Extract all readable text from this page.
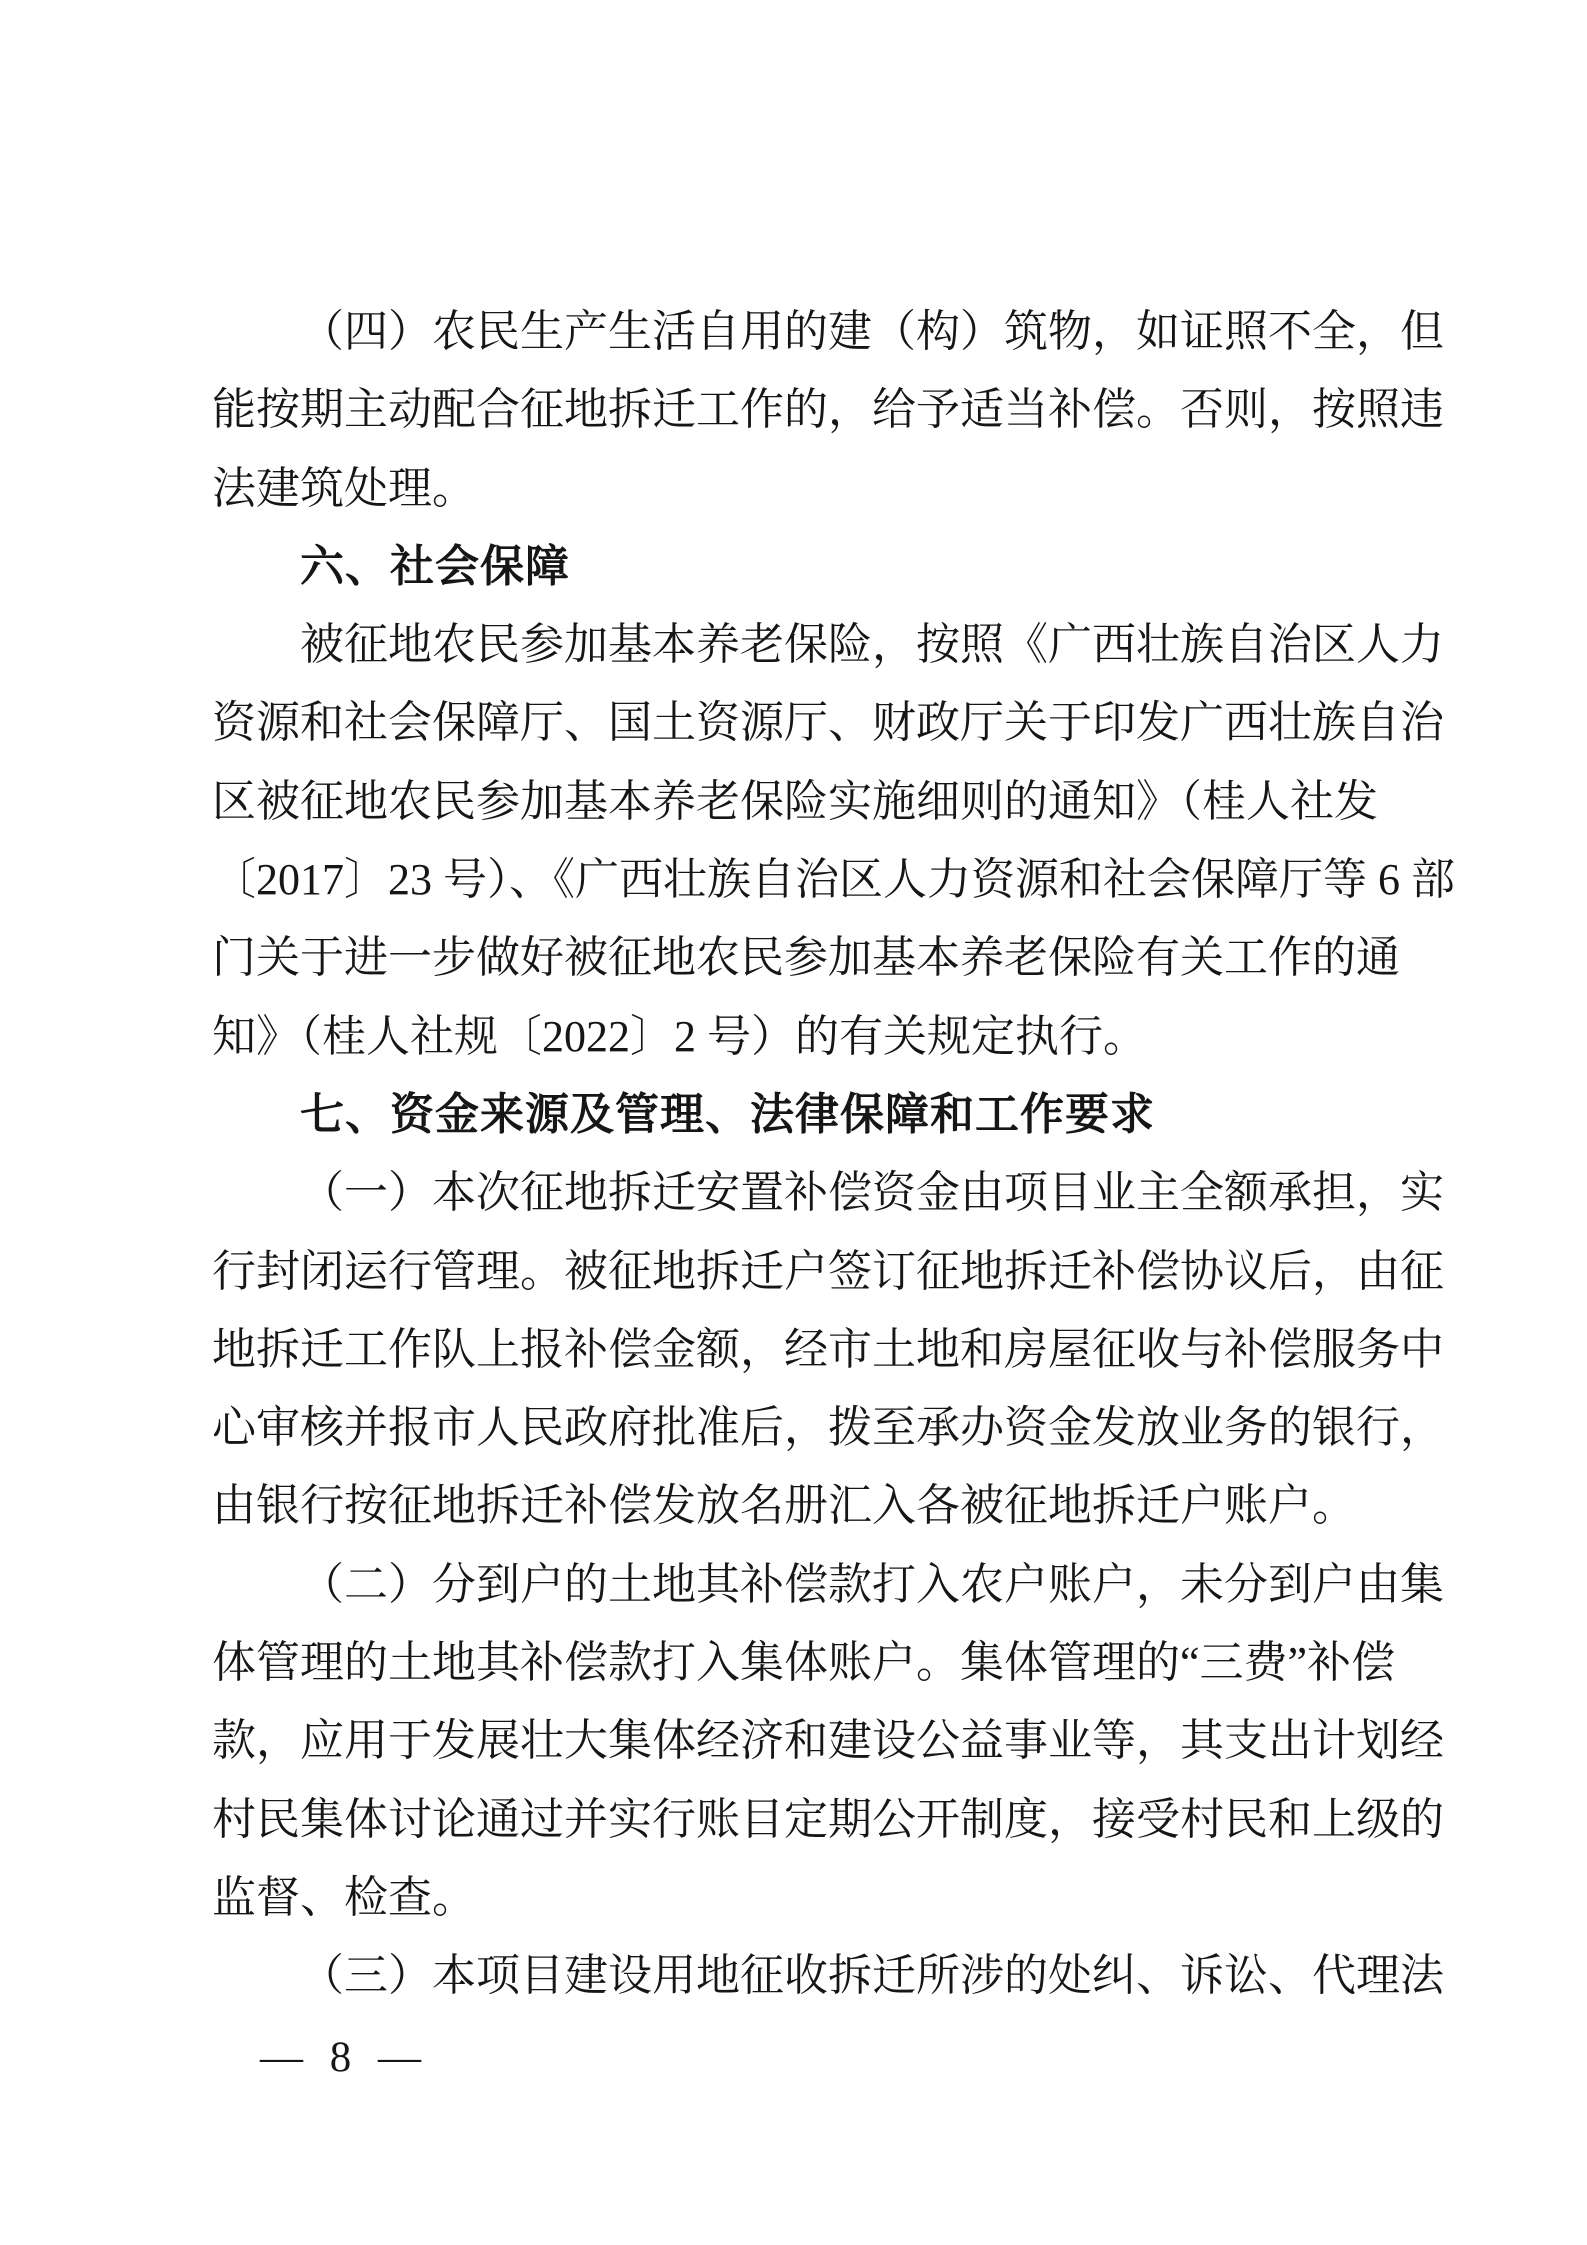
（四）农民生产生活自用的建（构）筑物，如证照不全，但
能按期主动配合征地拆迁工作的，给予适当补偿。否则，按照违
法建筑处理。
六、社会保障
被征地农民参加基本养老保险，按照《广西壮族自治区人力
资源和社会保障厅、国土资源厅、财政厅关于印发广西壮族自治
区被征地农民参加基本养老保险实施细则的通知》（桂人社发
〔2017〕23 号）、《广西壮族自治区人力资源和社会保障厅等 6 部
门关于进一步做好被征地农民参加基本养老保险有关工作的通
知》（桂人社规〔2022〕2 号）的有关规定执行。
七、资金来源及管理、法律保障和工作要求
（一）本次征地拆迁安置补偿资金由项目业主全额承担，实
行封闭运行管理。被征地拆迁户签订征地拆迁补偿协议后，由征
地拆迁工作队上报补偿金额，经市土地和房屋征收与补偿服务中
心审核并报市人民政府批准后，拨至承办资金发放业务的银行，
由银行按征地拆迁补偿发放名册汇入各被征地拆迁户账户。
（二）分到户的土地其补偿款打入农户账户，未分到户由集
体管理的土地其补偿款打入集体账户。集体管理的“三费”补偿
款，应用于发展壮大集体经济和建设公益事业等，其支出计划经
村民集体讨论通过并实行账目定期公开制度，接受村民和上级的
监督、检查。
（三）本项目建设用地征收拆迁所涉的处纠、诉讼、代理法
— 8 —
